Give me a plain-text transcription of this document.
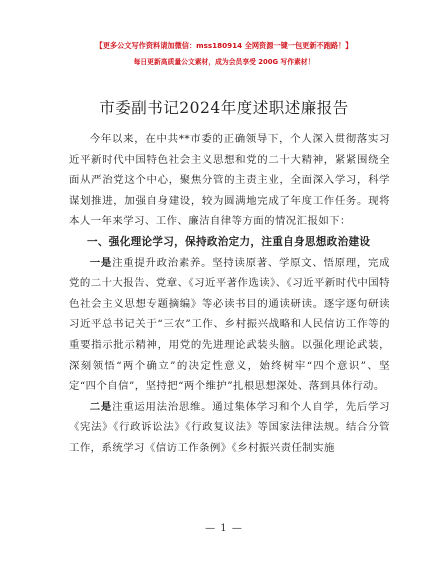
【更多公文写作资料请加微信：mss180914 全网资源一键一包更新不跑路！】
每日更新高质量公文素材，成为会员享受 200G 写作素材！
市委副书记2024年度述职述廉报告

今年以来，在中共**市委的正确领导下，个人深入贯彻落实习近平新时代中国特色社会主义思想和党的二十大精神，紧紧围绕全面从严治党这个中心，聚焦分管的主责主业，全面深入学习，科学谋划推进，加强自身建设，较为圆满地完成了年度工作任务。现将本人一年来学习、工作、廉洁自律等方面的情况汇报如下：

一、强化理论学习，保持政治定力，注重自身思想政治建设

一是注重提升政治素养。坚持读原著、学原文、悟原理，完成党的二十大报告、党章、《习近平著作选读》、《习近平新时代中国特色社会主义思想专题摘编》等必读书目的通读研读。逐字逐句研读习近平总书记关于“三农”工作、乡村振兴战略和人民信访工作等的重要指示批示精神，用党的先进理论武装头脑。以强化理论武装，深刻领悟“两个确立”的决定性意义，始终树牢“四个意识”、坚定“四个自信”，坚持把“两个维护”扎根思想深处、落到具体行动。

二是注重运用法治思维。通过集体学习和个人自学，先后学习《宪法》《行政诉讼法》《行政复议法》等国家法律法规。结合分管工作，系统学习《信访工作条例》《乡村振兴责任制实施

— 1 —
